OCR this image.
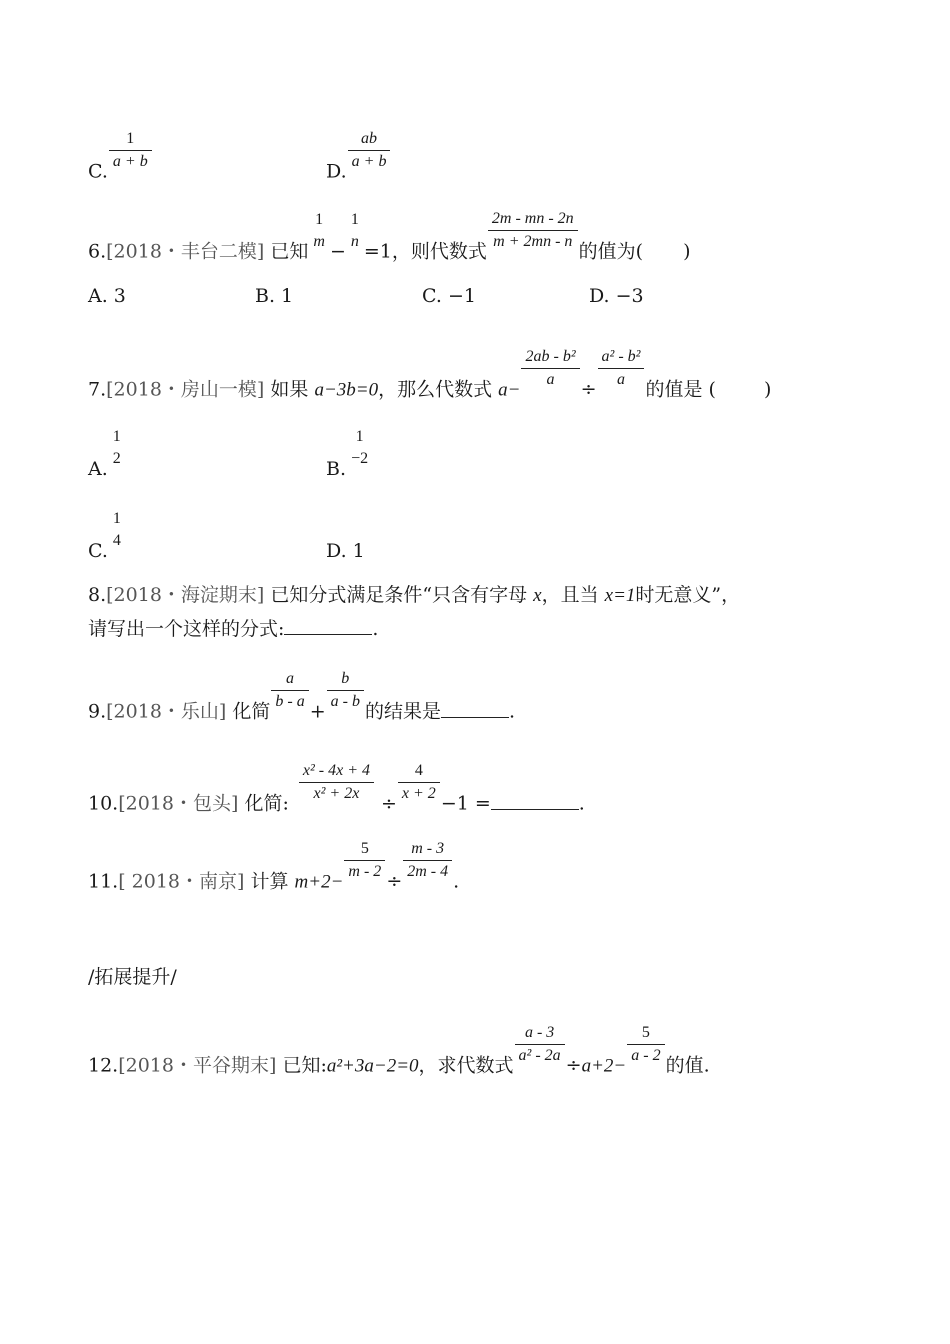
C. $\frac{1}{a + b}$	D. $\frac{ab}{a + b}$
6.[2018・丰台二模] 已知
1
m −
1
n =1，则代数式 $\frac{2m - mn - 2n}{m + 2mn - n}$ 的值为( )
A. 3	B. 1	C. −1	D. −3
7.[2018・房山一模] 如果 a−3b=0，那么代数式 $a- \frac{\text{2ab - b²}}{a} \div \frac{\text{a² - b²}}{a}$ 的值是 (	)
A.
1
2	B.
1
−2
C.
1
4	D. 1
8.[2018・海淀期末] 已知分式满足条件“只含有字母 x，且当 x=1时无意义”，
请写出一个这样的分式:	.
9.[2018・乐山] 化简 $\frac{a}{b - a} + \frac{b}{a - b}$ 的结果是	.
10.[2018・包头] 化简: $\frac{\text{x² - 4x + 4}}{\text{x² + 2x}} \div \frac{4}{x + 2} -1$ =	.
11.[ 2018・南京] 计算 $m+2- \frac{5}{m - 2} \div \frac{m - 3}{2m - 4}$ .
/拓展提升/
12.[2018・平谷期末] 已知:a²+3a−2=0，求代数式 $\frac{a - 3}{\text{a² - 2a}} \div a+2- \frac{5}{a - 2}$ 的值.
